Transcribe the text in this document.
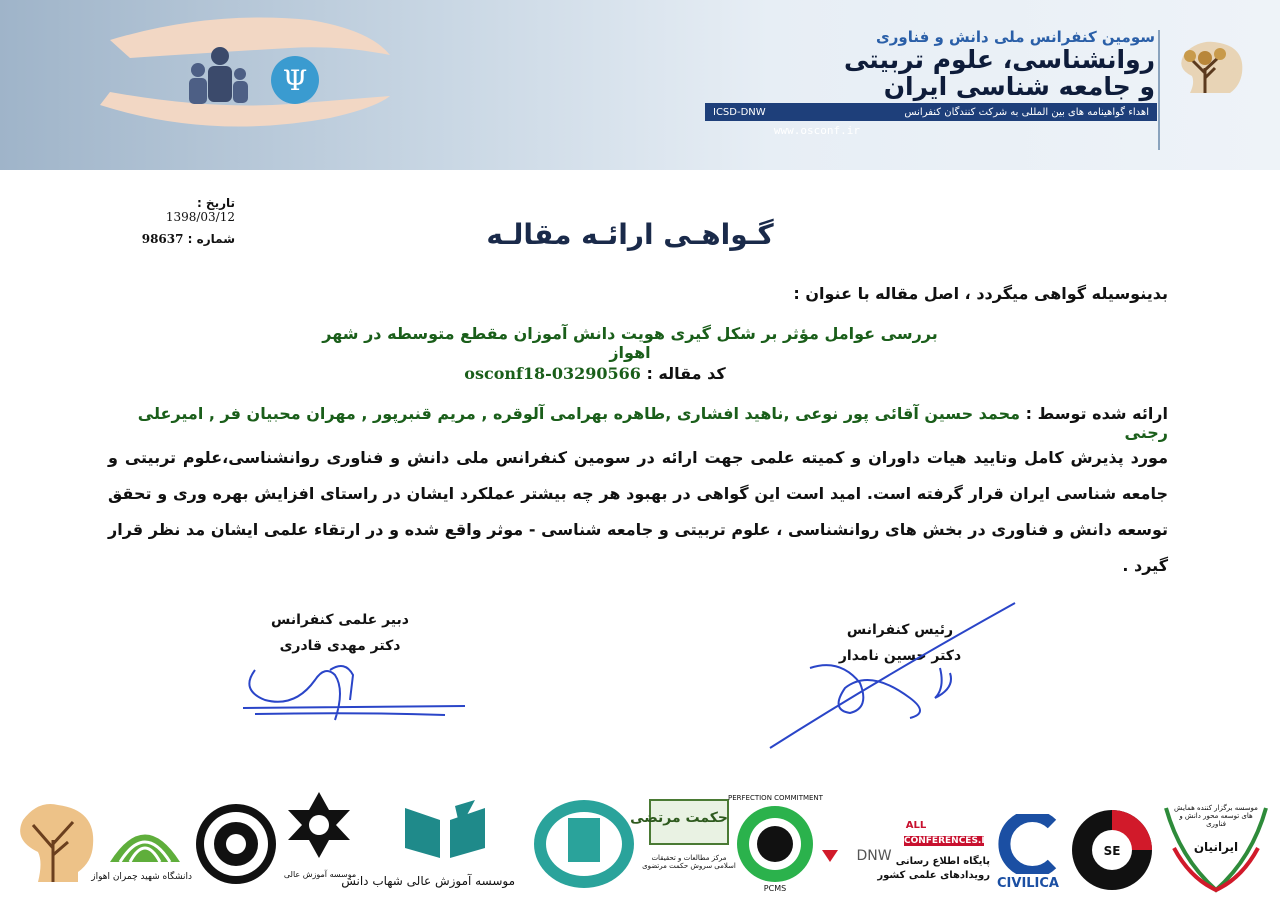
Ψ
سومین کنفرانس ملی دانش و فناوری
روانشناسی، علوم تربیتی
و جامعه شناسی ایران
اهداء گواهینامه های بین المللی به شرکت کنندگان کنفرانس
ICSD-DNW
www.osconf.ir
تاریخ : 1398/03/12
شماره : 98637	گـواهـی ارائـه مقالـه
بدینوسیله گواهی میگردد ، اصل مقاله با عنوان :
بررسی عوامل مؤثر بر شکل گیری هویت دانش آموزان مقطع متوسطه در شهر اهواز
کد مقاله : osconf18-03290566
ارائه شده توسط : محمد حسین آقائی پور نوعی ,ناهید افشاری ,طاهره بهرامی آلوقره , مریم قنبرپور , مهران محبیان فر , امیرعلی رجنی
مورد پذیرش کامل وتایید هیات داوران و کمیته علمی جهت ارائه در سومین کنفرانس ملی دانش و فناوری روانشناسی،علوم تربیتی و جامعه شناسی ایران قرار گرفته است. امید است این گواهی در بهبود هر چه بیشتر عملکرد ایشان در راستای افزایش بهره وری و تحقق توسعه دانش و فناوری در بخش های روانشناسی ، علوم تربیتی و جامعه شناسی - موثر واقع شده و در ارتقاء علمی ایشان مد نظر قرار گیرد .
دبیر علمی کنفرانس
دکتر مهدی قادری
رئیس کنفرانس
دکتر حسین نامدار
دانشگاه شهید چمران اهواز	موسسه آموزش عالی
موسسه آموزش عالی شهاب دانش
حکمت مرتضی
مرکز مطالعات و تحقیقات اسلامی سروش حکمت مرتضوی
PERFECTION COMMITMENT
PCMS
DNW
ALL
CONFERENCES.IR
پایگاه اطلاع رسانی
رویدادهای علمی کشور
CIVILICA
SE
موسسه برگزار کننده همایش های توسعه محور دانش و فناوری
ایرانیان
